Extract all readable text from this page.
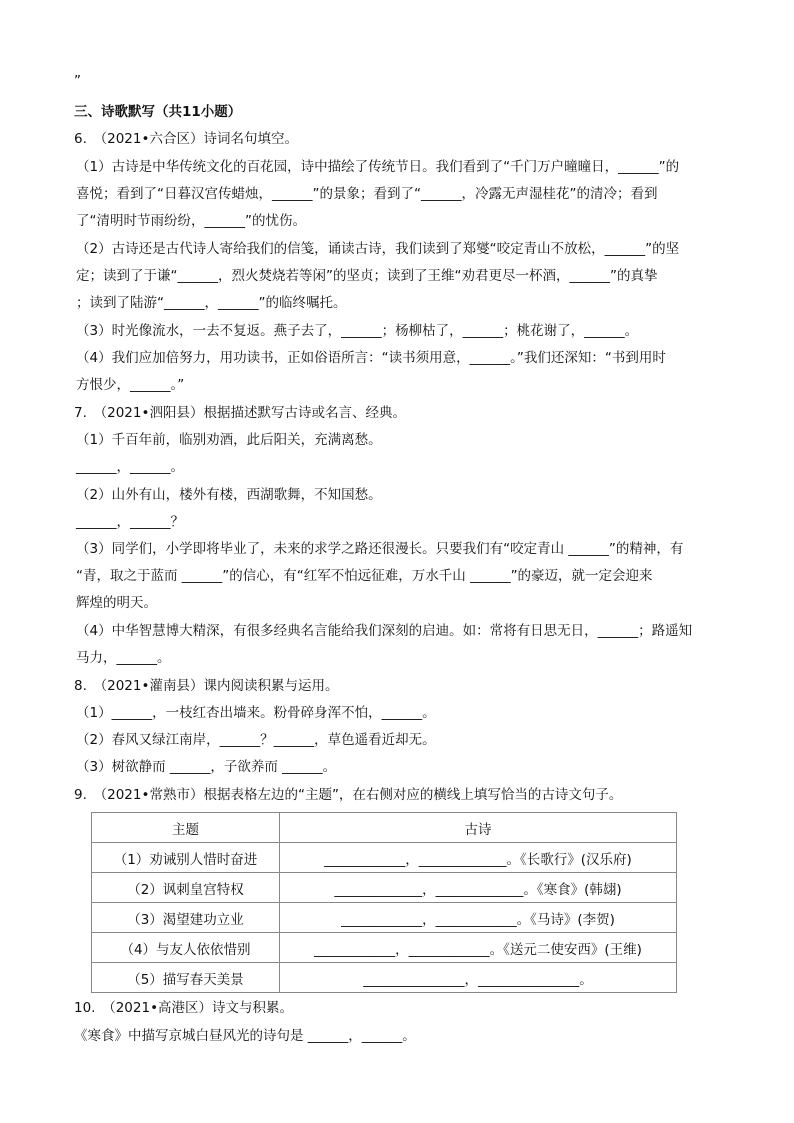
”
三、诗歌默写（共11小题）
6.　（2021•六合区）诗词名句填空。
（1）古诗是中华传统文化的百花园，诗中描绘了传统节日。我们看到了“千门万户曈曈日，______”的
喜悦；看到了“日暮汉宫传蜡烛，______”的景象；看到了“______，冷露无声湿桂花”的清冷；看到
了“清明时节雨纷纷，______”的忧伤。
（2）古诗还是古代诗人寄给我们的信笺，诵读古诗，我们读到了郑燮“咬定青山不放松，______”的坚
定；读到了于谦“______，烈火焚烧若等闲”的坚贞；读到了王维“劝君更尽一杯酒，______”的真挚
；读到了陆游“______，______”的临终嘱托。
（3）时光像流水，一去不复返。燕子去了，______；杨柳枯了，______；桃花谢了，______。
（4）我们应加倍努力，用功读书，正如俗语所言：“读书须用意，______。”我们还深知：“书到用时
方恨少，______。”
7.　（2021•泗阳县）根据描述默写古诗或名言、经典。
（1）千百年前，临别劝酒，此后阳关，充满离愁。
______，______。
（2）山外有山，楼外有楼，西湖歌舞，不知国愁。
______，______？
（3）同学们，小学即将毕业了，未来的求学之路还很漫长。只要我们有“咬定青山 ______”的精神，有
“青，取之于蓝而 ______”的信心，有“红军不怕远征难，万水千山 ______”的豪迈，就一定会迎来
辉煌的明天。
（4）中华智慧博大精深，有很多经典名言能给我们深刻的启迪。如：常将有日思无日，______；路遥知
马力，______。
8.　（2021•灌南县）课内阅读积累与运用。
（1）______，一枝红杏出墙来。粉骨碎身浑不怕，______。
（2）春风又绿江南岸，______？______，草色遥看近却无。
（3）树欲静而 ______，子欲养而 ______。
9.　（2021•常熟市）根据表格左边的“主题”，在右侧对应的横线上填写恰当的古诗文句子。
主题	古诗
（1）劝诫别人惜时奋进	____________，_____________。《长歌行》(汉乐府)
（2）讽刺皇宫特权	_____________，_____________。《寒食》(韩翃)
（3）渴望建功立业	____________，____________。《马诗》(李贺)
（4）与友人依依惜别	____________，____________。《送元二使安西》(王维)
（5）描写春天美景	_______________，_______________。
10.　（2021•高港区）诗文与积累。
《寒食》中描写京城白昼风光的诗句是 ______，______。
